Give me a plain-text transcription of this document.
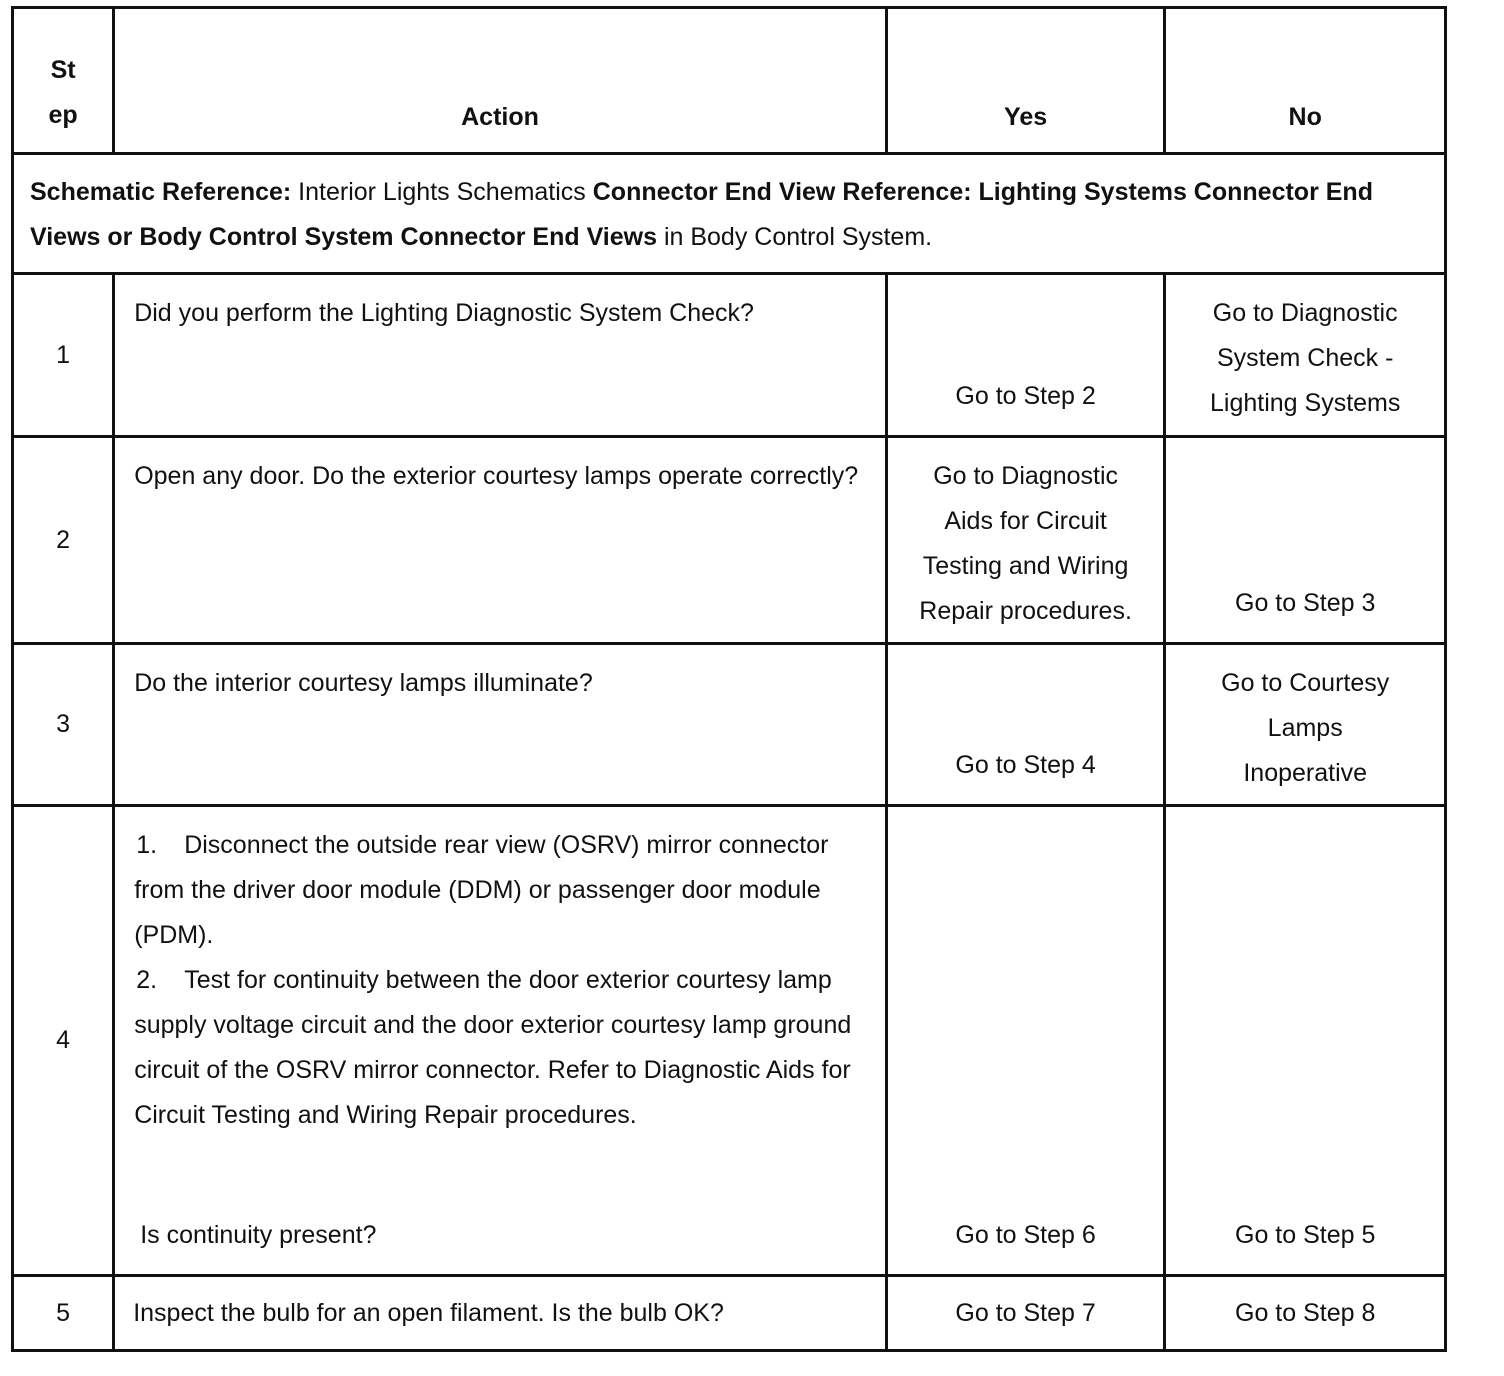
St
ep	Action	Yes	No
Schematic Reference: Interior Lights Schematics Connector End View Reference: Lighting Systems Connector End Views or Body Control System Connector End Views in Body Control System.			
1	Did you perform the Lighting Diagnostic System Check?	Go to Step 2	Go to Diagnostic
System Check -
Lighting Systems

2	Open any door. Do the exterior courtesy lamps operate correctly?	Go to Diagnostic
Aids for Circuit
Testing and Wiring
Repair procedures.	Go to Step 3

3	Do the interior courtesy lamps illuminate?	Go to Step 4	Go to Courtesy
Lamps
Inoperative

4	1. Disconnect the outside rear view (OSRV) mirror connector from the driver door module (DDM) or passenger door module (PDM).
2. Test for continuity between the door exterior courtesy lamp supply voltage circuit and the door exterior courtesy lamp ground circuit of the OSRV mirror connector. Refer to Diagnostic Aids for Circuit Testing and Wiring Repair procedures.
Is continuity present?	Go to Step 6	Go to Step 5

5	Inspect the bulb for an open filament. Is the bulb OK?	Go to Step 7	Go to Step 8
